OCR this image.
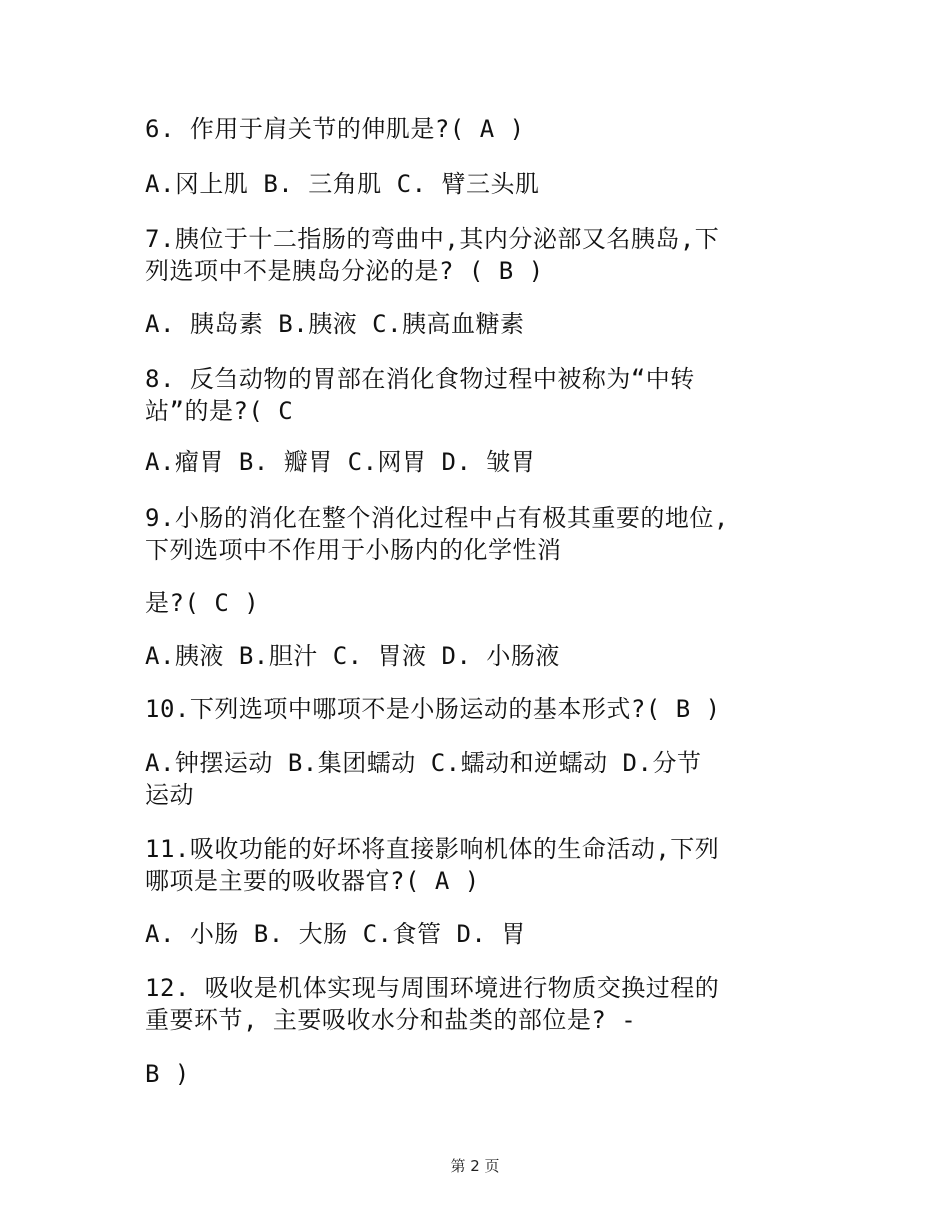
6. 作用于肩关节的伸肌是?( A )
A.冈上肌 B. 三角肌 C. 臂三头肌
7.胰位于十二指肠的弯曲中,其内分泌部又名胰岛,下
列选项中不是胰岛分泌的是? ( B )
A. 胰岛素 B.胰液 C.胰高血糖素
8. 反刍动物的胃部在消化食物过程中被称为“中转
站”的是?( C
A.瘤胃 B. 瓣胃 C.网胃 D. 皱胃
9.小肠的消化在整个消化过程中占有极其重要的地位,
下列选项中不作用于小肠内的化学性消
是?( C )
A.胰液 B.胆汁 C. 胃液 D. 小肠液
10.下列选项中哪项不是小肠运动的基本形式?( B )
A.钟摆运动 B.集团蠕动 C.蠕动和逆蠕动 D.分节
运动
11.吸收功能的好坏将直接影响机体的生命活动,下列
哪项是主要的吸收器官?( A )
A. 小肠 B. 大肠 C.食管 D. 胃
12. 吸收是机体实现与周围环境进行物质交换过程的
重要环节, 主要吸收水分和盐类的部位是? -
B )
第 2 页
